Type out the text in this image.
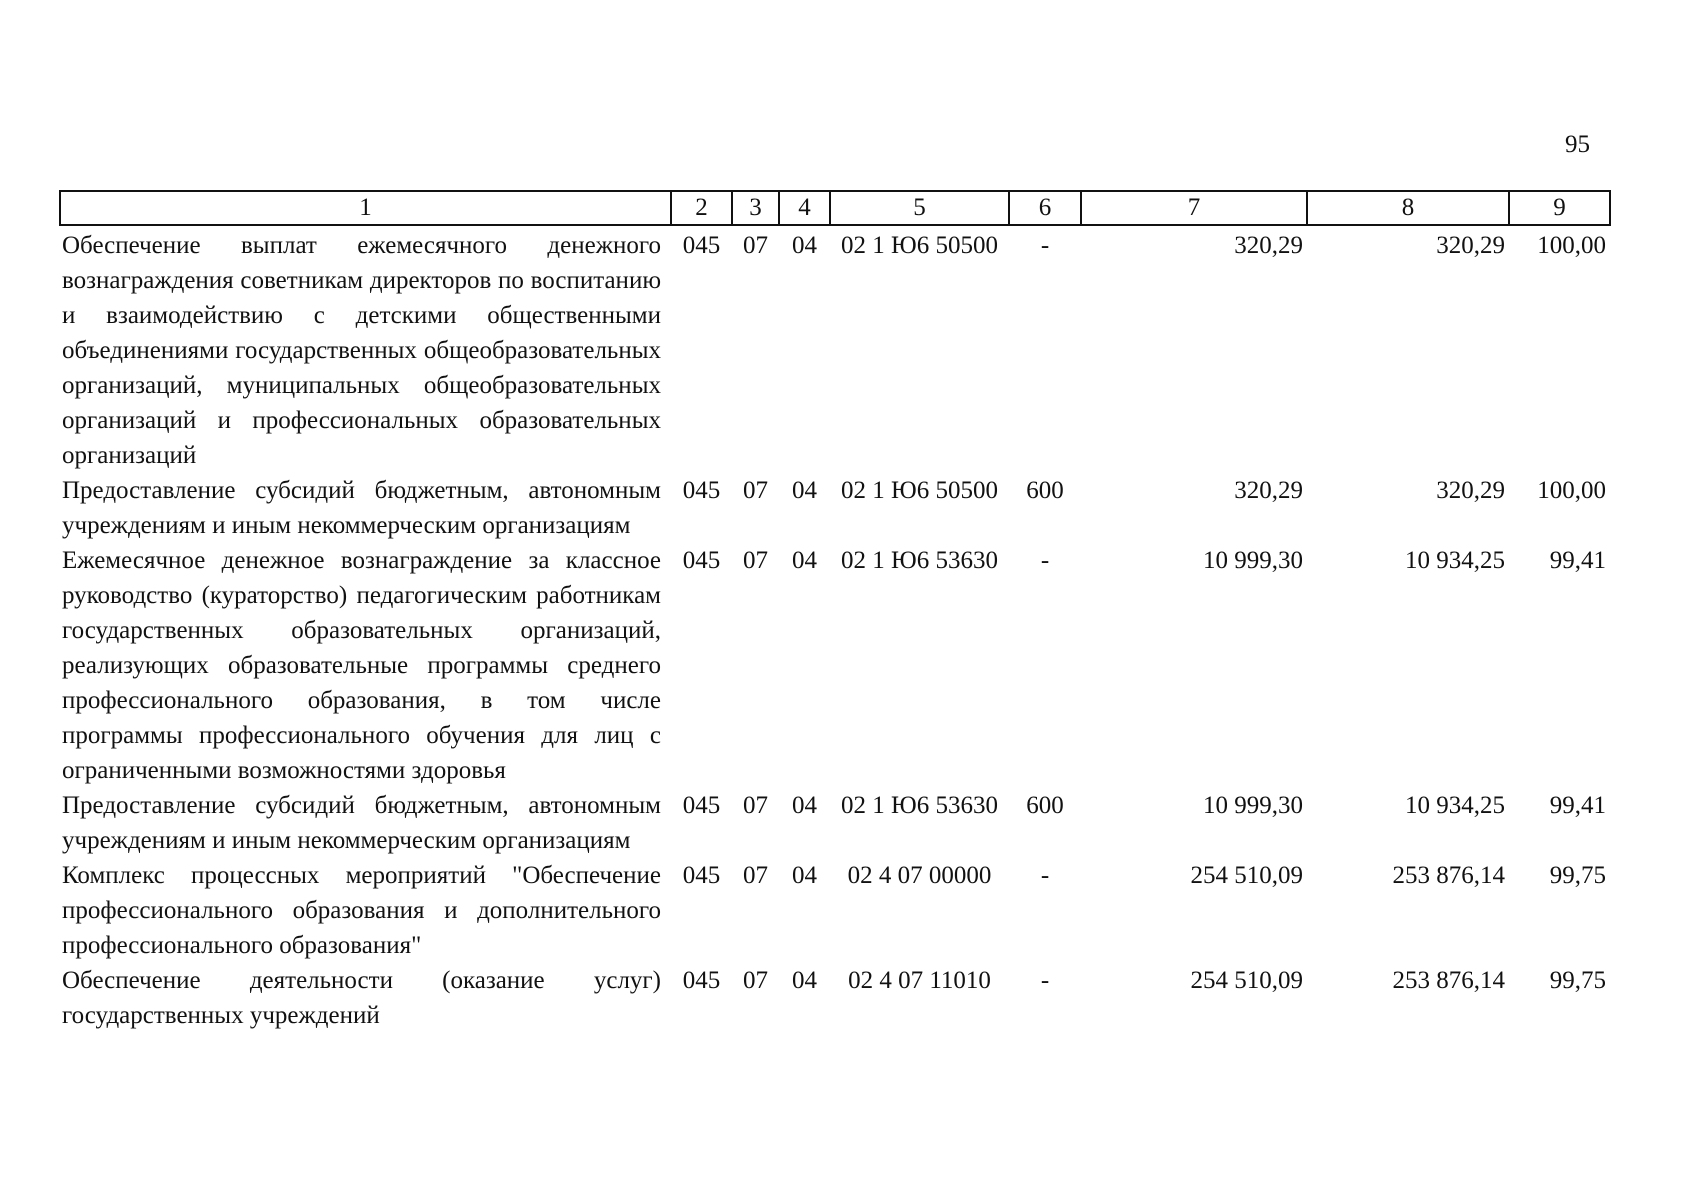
95
1	2	3	4	5	6	7	8	9
Обеспечение выплат ежемесячного денежного вознаграждения советникам директоров по воспитанию и взаимодействию с детскими общественными объединениями государственных общеобразовательных организаций, муниципальных общеобразовательных организаций и профессиональных образовательных организаций	045	07	04	02 1 Ю6 50500	-	320,29	320,29	100,00
Предоставление субсидий бюджетным, автономным учреждениям и иным некоммерческим организациям	045	07	04	02 1 Ю6 50500	600	320,29	320,29	100,00
Ежемесячное денежное вознаграждение за классное руководство (кураторство) педагогическим работникам государственных образовательных организаций, реализующих образовательные программы среднего профессионального образования, в том числе программы профессионального обучения для лиц с ограниченными возможностями здоровья	045	07	04	02 1 Ю6 53630	-	10 999,30	10 934,25	99,41
Предоставление субсидий бюджетным, автономным учреждениям и иным некоммерческим организациям	045	07	04	02 1 Ю6 53630	600	10 999,30	10 934,25	99,41
Комплекс процессных мероприятий "Обеспечение профессионального образования и дополнительного профессионального образования"	045	07	04	02 4 07 00000	-	254 510,09	253 876,14	99,75
Обеспечение деятельности (оказание услуг) государственных учреждений	045	07	04	02 4 07 11010	-	254 510,09	253 876,14	99,75
